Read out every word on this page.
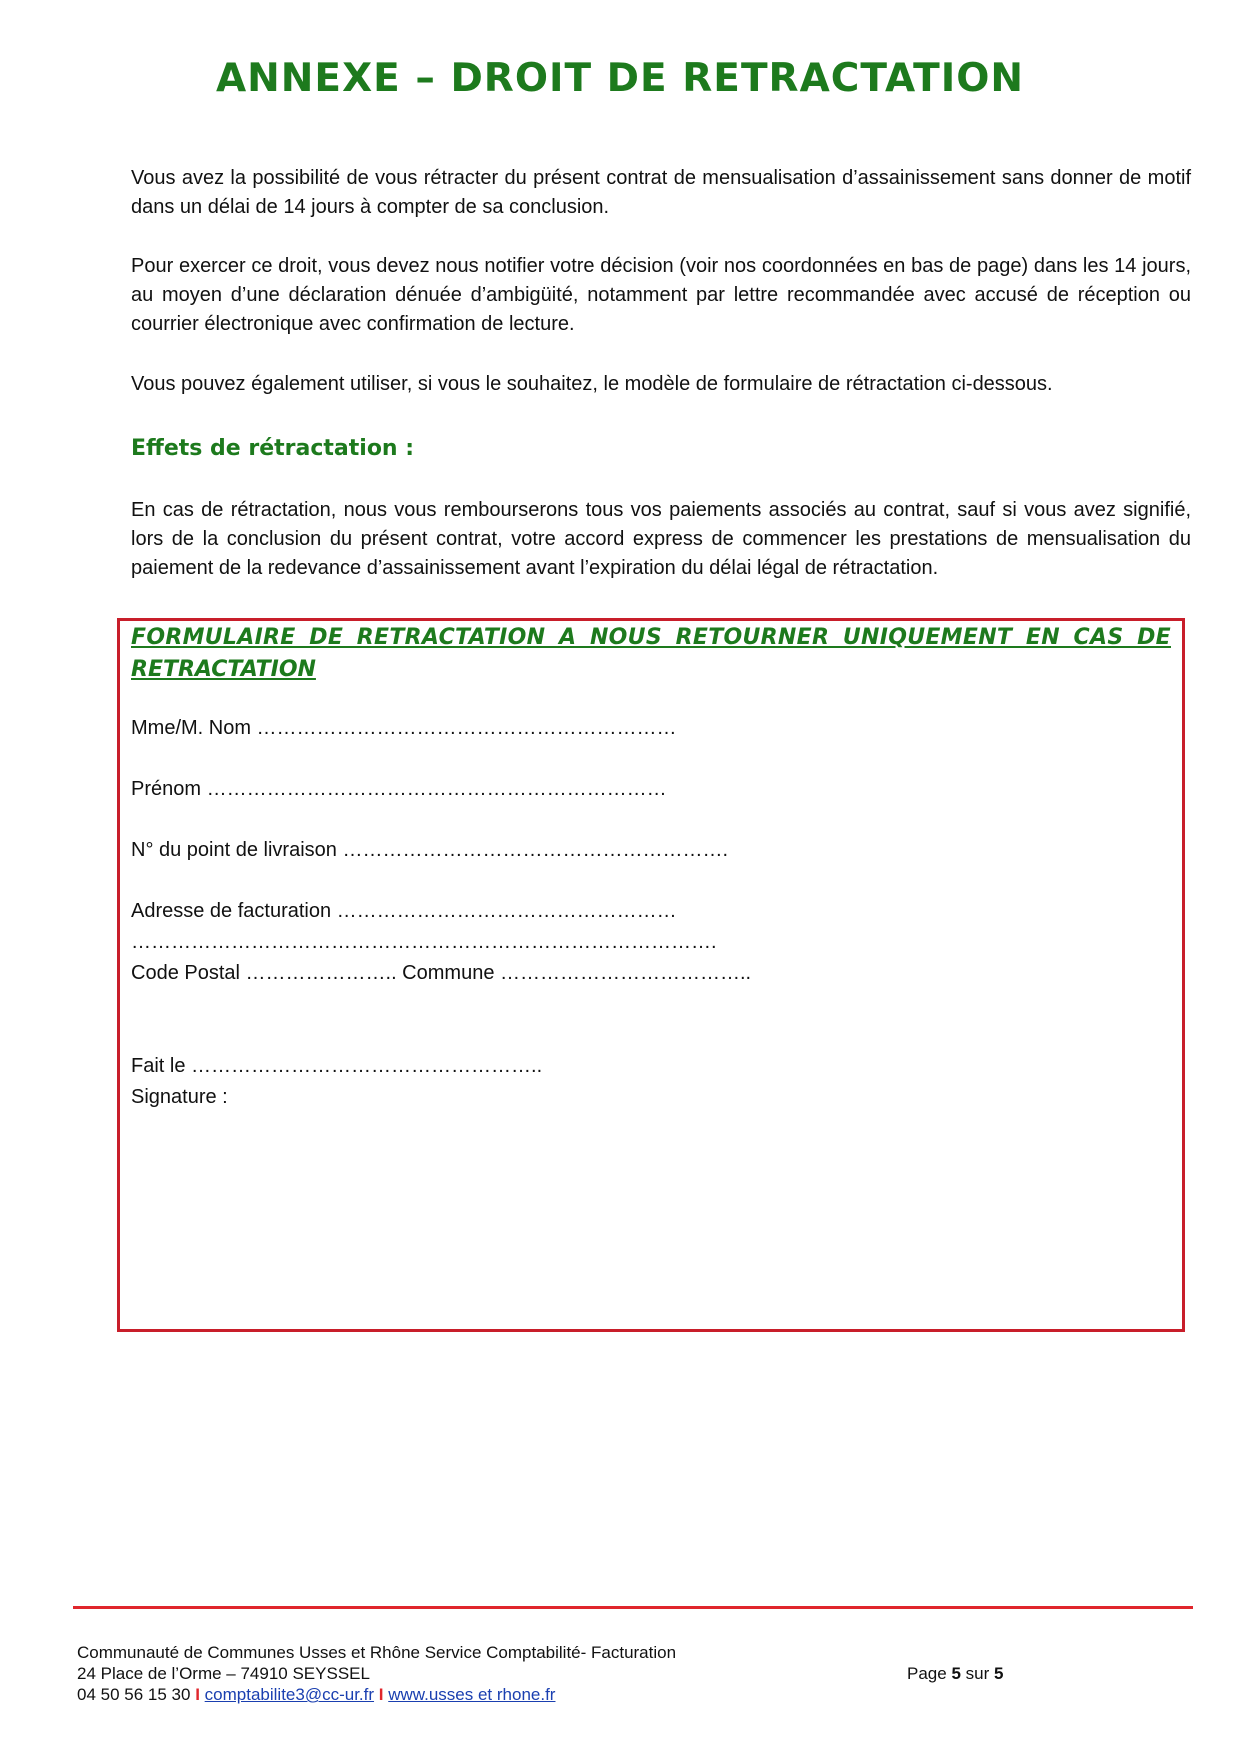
ANNEXE – DROIT DE RETRACTATION
Vous avez la possibilité de vous rétracter du présent contrat de mensualisation d’assainissement sans donner de motif dans un délai de 14 jours à compter de sa conclusion.
Pour exercer ce droit, vous devez nous notifier votre décision (voir nos coordonnées en bas de page) dans les 14 jours, au moyen d’une déclaration dénuée d’ambigüité, notamment par lettre recommandée avec accusé de réception ou courrier électronique avec confirmation de lecture.
Vous pouvez également utiliser, si vous le souhaitez, le modèle de formulaire de rétractation ci-dessous.
Effets de rétractation :
En cas de rétractation, nous vous rembourserons tous vos paiements associés au contrat, sauf si vous avez signifié, lors de la conclusion du présent contrat, votre accord express de commencer les prestations de mensualisation du paiement de la redevance d’assainissement avant l’expiration du délai légal de rétractation.
FORMULAIRE DE RETRACTATION A NOUS RETOURNER UNIQUEMENT EN CAS DE
RETRACTATION
Mme/M. Nom ………………………………………………………
Prénom ……………………………………………………………
N° du point de livraison ………………………………………………….
Adresse de facturation ……………………………………………
…………………………………………………………………………….
Code Postal ………………….. Commune ………………………………..
Fait le ……………………………………………..
Signature :
Communauté de Communes Usses et Rhône Service Comptabilité- Facturation
24 Place de l’Orme – 74910 SEYSSEL
04 50 56 15 30 I comptabilite3@cc-ur.fr I www.usses et rhone.fr
Page 5 sur 5
